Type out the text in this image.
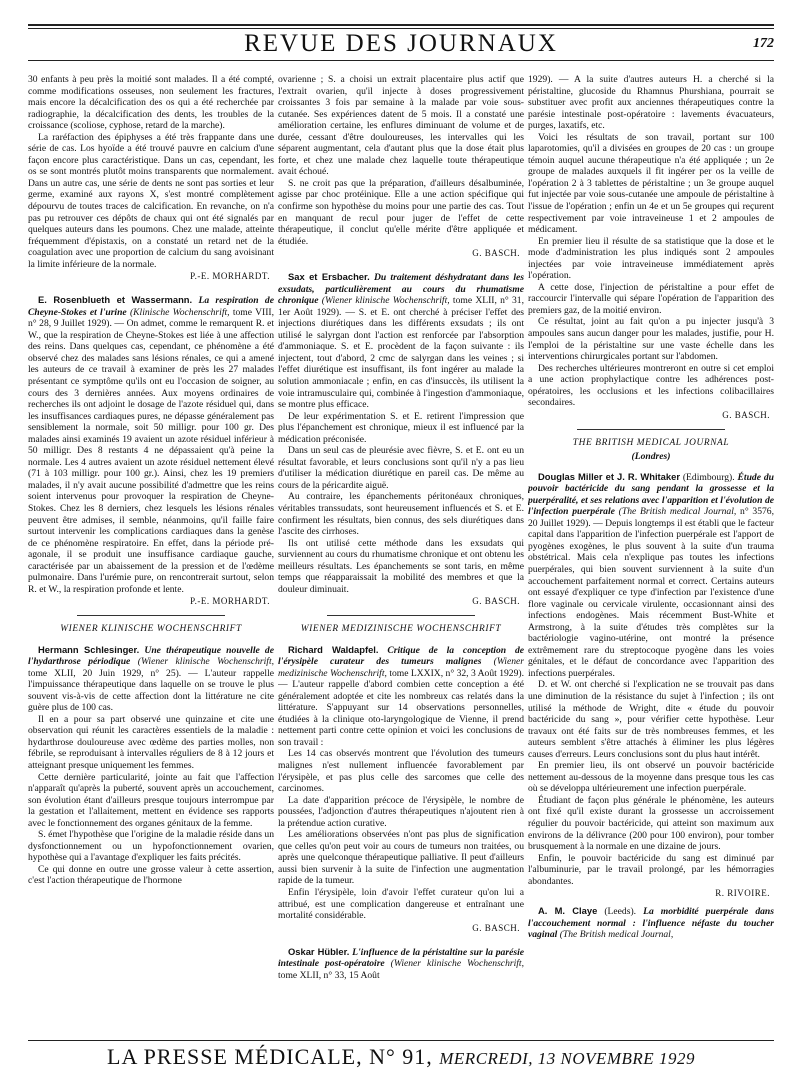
REVUE DES JOURNAUX	172

30 enfants à peu près la moitié sont malades. Il a été compté, comme modifications osseuses, non seulement les fractures, mais encore la décalcification des os qui a été recherchée par radiographie, la décalcification des dents, les troubles de la croissance (scoliose, cyphose, retard de la marche).

La raréfaction des épiphyses a été très frappante dans une série de cas. Los hyoïde a été trouvé pauvre en calcium d'une façon encore plus caractéristique. Dans un cas, cependant, les os se sont montrés plutôt moins transparents que normalement. Dans un autre cas, une série de dents ne sont pas sorties et leur germe, examiné aux rayons X, s'est montré complètement dépourvu de toutes traces de calcification. En revanche, on n'a pas pu retrouver ces dépôts de chaux qui ont été signalés par quelques auteurs dans les poumons. Chez une malade, atteinte fréquemment d'épistaxis, on a constaté un retard net de la coagulation avec une proportion de calcium du sang avoisinant la limite inférieure de la normale.

P.-E. MORHARDT.

E. Rosenblueth et Wassermann. La respiration de Cheyne-Stokes et l'urine (Klinische Wochenschrift, tome VIII, n° 28, 9 Juillet 1929). — On admet, comme le remarquent R. et W., que la respiration de Cheyne-Stokes est liée à une affection des reins. Dans quelques cas, cependant, ce phénomène a été observé chez des malades sans lésions rénales, ce qui a amené les auteurs de ce travail à examiner de près les 27 malades présentant ce symptôme qu'ils ont eu l'occasion de soigner, au cours des 3 dernières années. Aux moyens ordinaires de recherches ils ont adjoint le dosage de l'azote résiduel qui, dans les insuffisances cardiaques pures, ne dépasse généralement pas sensiblement la normale, soit 50 milligr. pour 100 gr. Des malades ainsi examinés 19 avaient un azote résiduel inférieur à 50 milligr. Des 8 restants 4 ne dépassaient qu'à peine la normale. Les 4 autres avaient un azote résiduel nettement élevé (71 à 103 milligr. pour 100 gr.). Ainsi, chez les 19 premiers malades, il n'y avait aucune possibilité d'admettre que les reins soient intervenus pour provoquer la respiration de Cheyne-Stokes. Chez les 8 derniers, chez lesquels les lésions rénales peuvent être admises, il semble, néanmoins, qu'il faille faire surtout intervenir les complications cardiaques dans la genèse de ce phénomène respiratoire. En effet, dans la période pré-agonale, il se produit une insuffisance cardiaque gauche, caractérisée par un abaissement de la pression et de l'œdème pulmonaire. Dans l'urémie pure, on rencontrerait surtout, selon R. et W., la respiration profonde et lente.

P.-E. MORHARDT.
WIENER KLINISCHE WOCHENSCHRIFT

Hermann Schlesinger. Une thérapeutique nouvelle de l'hydarthrose périodique (Wiener klinische Wochenschrift, tome XLII, 20 Juin 1929, n° 25). — L'auteur rappelle l'impuissance thérapeutique dans laquelle on se trouve le plus souvent vis-à-vis de cette affection dont la littérature ne cite guère plus de 100 cas.

Il en a pour sa part observé une quinzaine et cite une observation qui réunit les caractères essentiels de la maladie : hydarthrose douloureuse avec œdème des parties molles, non fébrile, se reproduisant à intervalles réguliers de 8 à 12 jours et atteignant presque uniquement les femmes.

Cette dernière particularité, jointe au fait que l'affection n'apparaît qu'après la puberté, souvent après un accouchement, son évolution étant d'ailleurs presque toujours interrompue par la gestation et l'allaitement, mettent en évidence ses rapports avec le fonctionnement des organes génitaux de la femme.

S. émet l'hypothèse que l'origine de la maladie réside dans un dysfonctionnement ou un hypofonctionnement ovarien, hypothèse qui a l'avantage d'expliquer les faits précités.

Ce qui donne en outre une grosse valeur à cette assertion, c'est l'action thérapeutique de l'hormone

ovarienne ; S. a choisi un extrait placentaire plus actif que l'extrait ovarien, qu'il injecte à doses progressivement croissantes 3 fois par semaine à la malade par voie sous-cutanée. Ses expériences datent de 5 mois. Il a constaté une amélioration certaine, les enflures diminuant de volume et de durée, cessant d'être douloureuses, les intervalles qui les séparent augmentant, cela d'autant plus que la dose était plus forte, et chez une malade chez laquelle toute thérapeutique avait échoué.

S. ne croit pas que la préparation, d'ailleurs désalbuminée, agisse par choc protéinique. Elle a une action spécifique qui confirme son hypothèse du moins pour une partie des cas. Tout en manquant de recul pour juger de l'effet de cette thérapeutique, il conclut qu'elle mérite d'être appliquée et étudiée.

G. BASCH.

Sax et Ersbacher. Du traitement déshydratant dans les exsudats, particulièrement au cours du rhumatisme chronique (Wiener klinische Wochenschrift, tome XLII, n° 31, 1er Août 1929). — S. et E. ont cherché à préciser l'effet des injections diurétiques dans les différents exsudats ; ils ont utilisé le salyrgan dont l'action est renforcée par l'absorption d'ammoniaque. S. et E. procèdent de la façon suivante : ils injectent, tout d'abord, 2 cmc de salyrgan dans les veines ; si l'effet diurétique est insuffisant, ils font ingérer au malade la solution ammoniacale ; enfin, en cas d'insuccès, ils utilisent la voie intramusculaire qui, combinée à l'ingestion d'ammoniaque, se montre plus efficace.

De leur expérimentation S. et E. retirent l'impression que plus l'épanchement est chronique, mieux il est influencé par la médication préconisée.

Dans un seul cas de pleurésie avec fièvre, S. et E. ont eu un résultat favorable, et leurs conclusions sont qu'il n'y a pas lieu d'utiliser la médication diurétique en pareil cas. De même au cours de la péricardite aiguë.

Au contraire, les épanchements péritonéaux chroniques, véritables transsudats, sont heureusement influencés et S. et E. confirment les résultats, bien connus, des sels diurétiques dans l'ascite des cirrhoses.

Ils ont utilisé cette méthode dans les exsudats qui surviennent au cours du rhumatisme chronique et ont obtenu les meilleurs résultats. Les épanchements se sont taris, en même temps que réapparaissait la mobilité des membres et que la douleur diminuait.

G. BASCH.
WIENER MEDIZINISCHE WOCHENSCHRIFT

Richard Waldapfel. Critique de la conception de l'érysipèle curateur des tumeurs malignes (Wiener medizinische Wochenschrift, tome LXXIX, n° 32, 3 Août 1929). — L'auteur rappelle d'abord combien cette conception a été généralement adoptée et cite les nombreux cas relatés dans la littérature. S'appuyant sur 14 observations personnelles, étudiées à la clinique oto-laryngologique de Vienne, il prend nettement parti contre cette opinion et voici les conclusions de son travail :

Les 14 cas observés montrent que l'évolution des tumeurs malignes n'est nullement influencée favorablement par l'érysipèle, et pas plus celle des sarcomes que celle des carcinomes.

La date d'apparition précoce de l'érysipèle, le nombre de poussées, l'adjonction d'autres thérapeutiques n'ajoutent rien à la prétendue action curative.

Les améliorations observées n'ont pas plus de signification que celles qu'on peut voir au cours de tumeurs non traitées, ou après une quelconque thérapeutique palliative. Il peut d'ailleurs aussi bien survenir à la suite de l'infection une augmentation rapide de la tumeur.

Enfin l'érysipèle, loin d'avoir l'effet curateur qu'on lui a attribué, est une complication dangereuse et entraînant une mortalité considérable.

G. BASCH.

Oskar Hübler. L'influence de la péristaltine sur la parésie intestinale post-opératoire (Wiener klinische Wochenschrift, tome XLII, n° 33, 15 Août

1929). — A la suite d'autres auteurs H. a cherché si la péristaltine, glucoside du Rhamnus Phurshiana, pourrait se substituer avec profit aux anciennes thérapeutiques contre la parésie intestinale post-opératoire : lavements évacuateurs, purges, laxatifs, etc.

Voici les résultats de son travail, portant sur 100 laparotomies, qu'il a divisées en groupes de 20 cas : un groupe témoin auquel aucune thérapeutique n'a été appliquée ; un 2e groupe de malades auxquels il fit ingérer per os la veille de l'opération 2 à 3 tablettes de péristaltine ; un 3e groupe auquel fut injectée par voie sous-cutanée une ampoule de péristaltine à l'issue de l'opération ; enfin un 4e et un 5e groupes qui reçurent respectivement par voie intraveineuse 1 et 2 ampoules de médicament.

En premier lieu il résulte de sa statistique que la dose et le mode d'administration les plus indiqués sont 2 ampoules injectées par voie intraveineuse immédiatement après l'opération.

A cette dose, l'injection de péristaltine a pour effet de raccourcir l'intervalle qui sépare l'opération de l'apparition des premiers gaz, de la moitié environ.

Ce résultat, joint au fait qu'on a pu injecter jusqu'à 3 ampoules sans aucun danger pour les malades, justifie, pour H. l'emploi de la péristaltine sur une vaste échelle dans les interventions chirurgicales portant sur l'abdomen.

Des recherches ultérieures montreront en outre si cet emploi a une action prophylactique contre les adhérences post-opératoires, les occlusions et les infections colibacillaires secondaires.

G. BASCH.
THE BRITISH MEDICAL JOURNAL
(Londres)

Douglas Miller et J. R. Whitaker (Edimbourg). Étude du pouvoir bactéricide du sang pendant la grossesse et la puerpéralité, et ses relations avec l'apparition et l'évolution de l'infection puerpérale (The British medical Journal, n° 3576, 20 Juillet 1929). — Depuis longtemps il est établi que le facteur capital dans l'apparition de l'infection puerpérale est l'apport de pyogènes exogènes, le plus souvent à la suite d'un trauma obstétrical. Mais cela n'explique pas toutes les infections puerpérales, qui bien souvent surviennent à la suite d'un accouchement parfaitement normal et correct. Certains auteurs ont essayé d'expliquer ce type d'infection par l'existence d'une flore vaginale ou cervicale virulente, occasionnant ainsi des infections endogènes. Mais récemment Bust-White et Armstrong, à la suite d'études très complètes sur la bactériologie vagino-utérine, ont montré la présence extrêmement rare du streptocoque pyogène dans les voies génitales, et le défaut de concordance avec l'apparition des infections puerpérales.

D. et W. ont cherché si l'explication ne se trouvait pas dans une diminution de la résistance du sujet à l'infection ; ils ont utilisé la méthode de Wright, dite « étude du pouvoir bactéricide du sang », pour vérifier cette hypothèse. Leur travaux ont été faits sur de très nombreuses femmes, et les auteurs semblent s'être attachés à éliminer les plus légères causes d'erreurs. Leurs conclusions sont du plus haut intérêt.

En premier lieu, ils ont observé un pouvoir bactéricide nettement au-dessous de la moyenne dans presque tous les cas où se développa ultérieurement une infection puerpérale.

Étudiant de façon plus générale le phénomène, les auteurs ont fixé qu'il existe durant la grossesse un accroissement régulier du pouvoir bactéricide, qui atteint son maximum aux environs de la délivrance (200 pour 100 environ), pour tomber brusquement à la normale en une dizaine de jours.

Enfin, le pouvoir bactéricide du sang est diminué par l'albuminurie, par le travail prolongé, par les hémorragies abondantes.

R. RIVOIRE.

A. M. Claye (Leeds). La morbidité puerpérale dans l'accouchement normal : l'influence néfaste du toucher vaginal (The British medical Journal,

LA PRESSE MÉDICALE, N° 91, MERCREDI, 13 NOVEMBRE 1929
